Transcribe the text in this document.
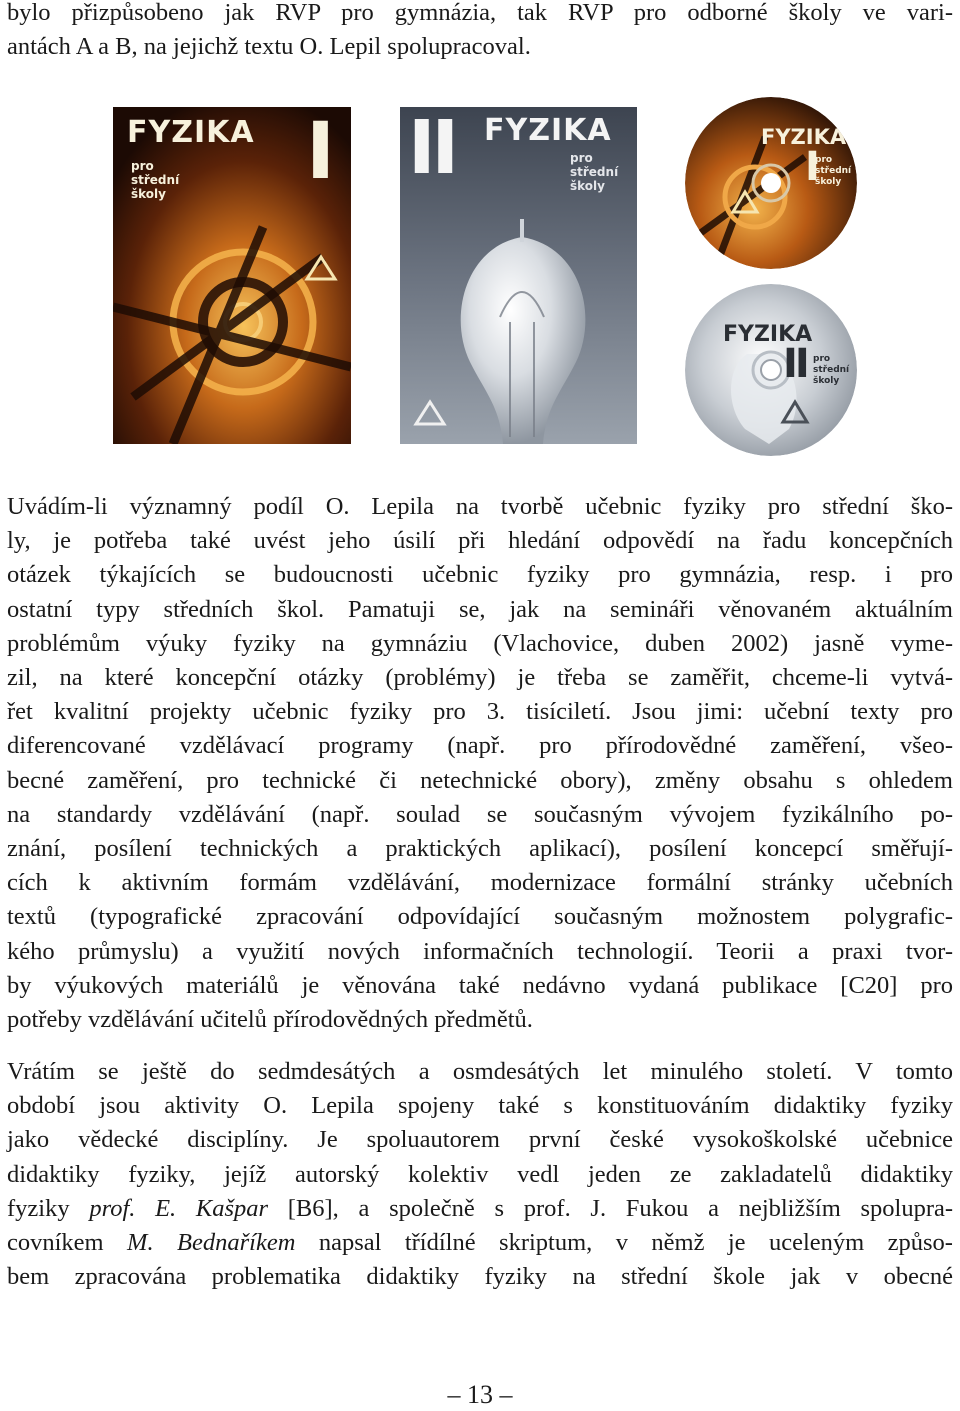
bylo přizpůsobeno jak RVP pro gymnázia, tak RVP pro odborné školy ve vari-
antách A a B, na jejichž textu O. Lepil spolupracoval.
FYZIKA I
pro
střední
školy
II FYZIKA
pro
střední
školy
FYZIKA
I
pro
střední
školy
FYZIKA
II pro
střední
školy
Uvádím-li významný podíl O. Lepila na tvorbě učebnic fyziky pro střední ško-
ly, je potřeba také uvést jeho úsilí při hledání odpovědí na řadu koncepčních
otázek týkajících se budoucnosti učebnic fyziky pro gymnázia, resp. i pro
ostatní typy středních škol. Pamatuji se, jak na semináři věnovaném aktuálním
problémům výuky fyziky na gymnáziu (Vlachovice, duben 2002) jasně vyme-
zil, na které koncepční otázky (problémy) je třeba se zaměřit, chceme-li vytvá-
řet kvalitní projekty učebnic fyziky pro 3. tisíciletí. Jsou jimi: učební texty pro
diferencované vzdělávací programy (např. pro přírodovědné zaměření, všeo-
becné zaměření, pro technické či netechnické obory), změny obsahu s ohledem
na standardy vzdělávání (např. soulad se současným vývojem fyzikálního po-
znání, posílení technických a praktických aplikací), posílení koncepcí směřují-
cích k aktivním formám vzdělávání, modernizace formální stránky učebních
textů (typografické zpracování odpovídající současným možnostem polygrafic-
kého průmyslu) a využití nových informačních technologií. Teorii a praxi tvor-
by výukových materiálů je věnována také nedávno vydaná publikace [C20] pro
potřeby vzdělávání učitelů přírodovědných předmětů.
Vrátím se ještě do sedmdesátých a osmdesátých let minulého století. V tomto
období jsou aktivity O. Lepila spojeny také s konstituováním didaktiky fyziky
jako vědecké disciplíny. Je spoluautorem první české vysokoškolské učebnice
didaktiky fyziky, jejíž autorský kolektiv vedl jeden ze zakladatelů didaktiky
fyziky prof. E. Kašpar [B6], a společně s prof. J. Fukou a nejbližším spolupra-
covníkem M. Bednaříkem napsal třídílné skriptum, v němž je uceleným způso-
bem zpracována problematika didaktiky fyziky na střední škole jak v obecné
– 13 –
